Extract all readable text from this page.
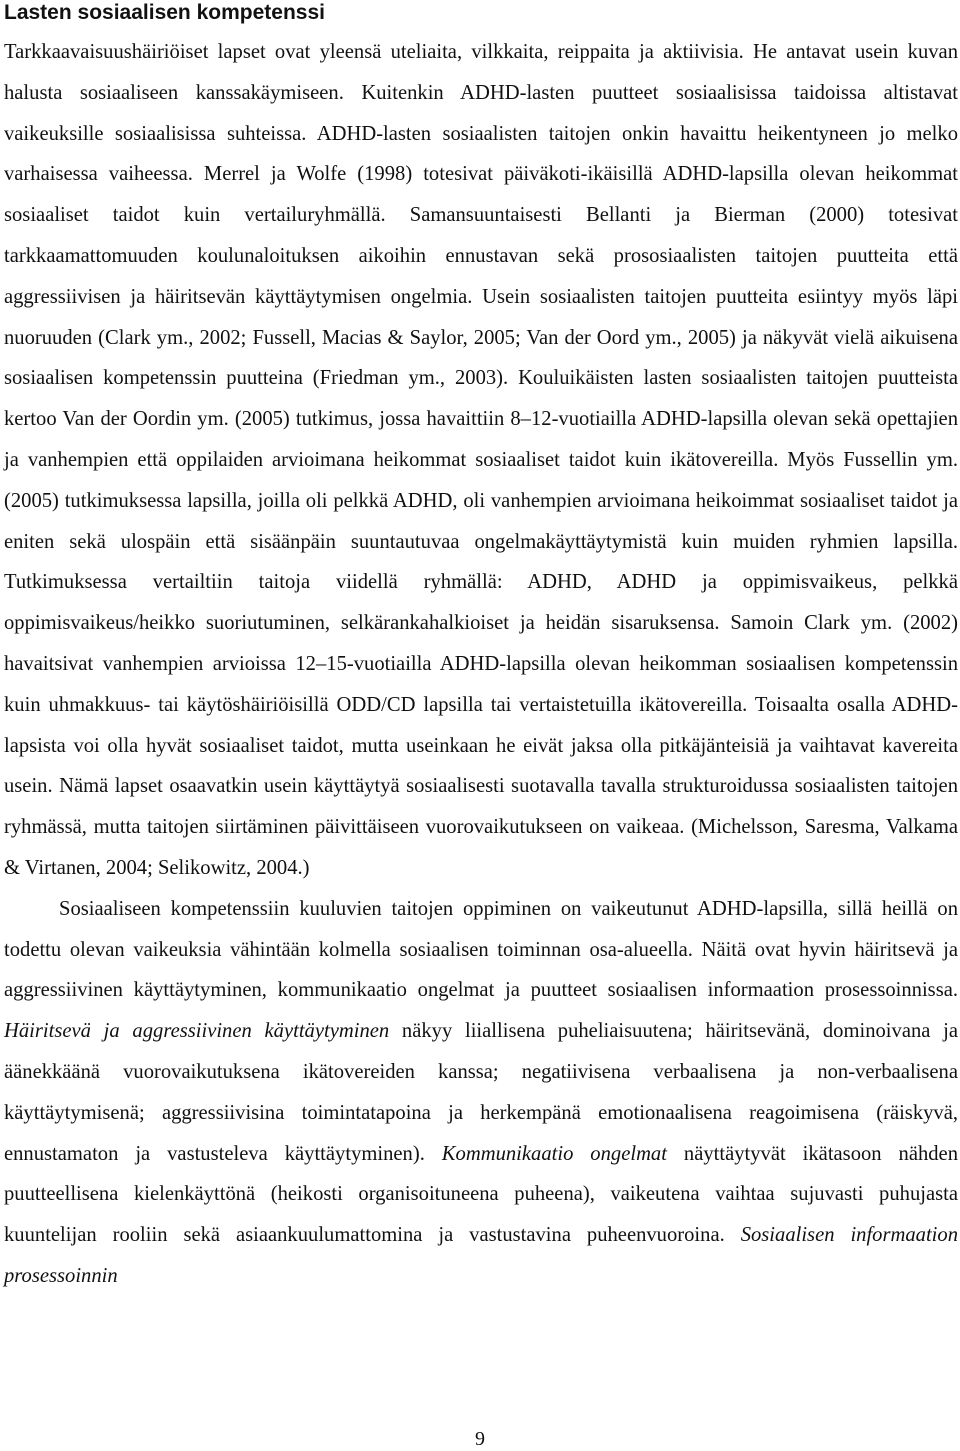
Lasten sosiaalisen kompetenssi

Tarkkaavaisuushäiriöiset lapset ovat yleensä uteliaita, vilkkaita, reippaita ja aktiivisia. He antavat usein kuvan halusta sosiaaliseen kanssakäymiseen. Kuitenkin ADHD-lasten puutteet sosiaalisissa taidoissa altistavat vaikeuksille sosiaalisissa suhteissa. ADHD-lasten sosiaalisten taitojen onkin havaittu heikentyneen jo melko varhaisessa vaiheessa. Merrel ja Wolfe (1998) totesivat päiväkoti-ikäisillä ADHD-lapsilla olevan heikommat sosiaaliset taidot kuin vertailuryhmällä. Samansuuntaisesti Bellanti ja Bierman (2000) totesivat tarkkaamattomuuden koulunaloituksen aikoihin ennustavan sekä prososiaalisten taitojen puutteita että aggressiivisen ja häiritsevän käyttäytymisen ongelmia. Usein sosiaalisten taitojen puutteita esiintyy myös läpi nuoruuden (Clark ym., 2002; Fussell, Macias & Saylor, 2005; Van der Oord ym., 2005) ja näkyvät vielä aikuisena sosiaalisen kompetenssin puutteina (Friedman ym., 2003). Kouluikäisten lasten sosiaalisten taitojen puutteista kertoo Van der Oordin ym. (2005) tutkimus, jossa havaittiin 8–12-vuotiailla ADHD-lapsilla olevan sekä opettajien ja vanhempien että oppilaiden arvioimana heikommat sosiaaliset taidot kuin ikätovereilla. Myös Fussellin ym. (2005) tutkimuksessa lapsilla, joilla oli pelkkä ADHD, oli vanhempien arvioimana heikoimmat sosiaaliset taidot ja eniten sekä ulospäin että sisäänpäin suuntautuvaa ongelmakäyttäytymistä kuin muiden ryhmien lapsilla. Tutkimuksessa vertailtiin taitoja viidellä ryhmällä: ADHD, ADHD ja oppimisvaikeus, pelkkä oppimisvaikeus/heikko suoriutuminen, selkärankahalkioiset ja heidän sisaruksensa. Samoin Clark ym. (2002) havaitsivat vanhempien arvioissa 12–15-vuotiailla ADHD-lapsilla olevan heikomman sosiaalisen kompetenssin kuin uhmakkuus- tai käytöshäiriöisillä ODD/CD lapsilla tai vertaistetuilla ikätovereilla. Toisaalta osalla ADHD-lapsista voi olla hyvät sosiaaliset taidot, mutta useinkaan he eivät jaksa olla pitkäjänteisiä ja vaihtavat kavereita usein. Nämä lapset osaavatkin usein käyttäytyä sosiaalisesti suotavalla tavalla strukturoidussa sosiaalisten taitojen ryhmässä, mutta taitojen siirtäminen päivittäiseen vuorovaikutukseen on vaikeaa. (Michelsson, Saresma, Valkama & Virtanen, 2004; Selikowitz, 2004.)

Sosiaaliseen kompetenssiin kuuluvien taitojen oppiminen on vaikeutunut ADHD-lapsilla, sillä heillä on todettu olevan vaikeuksia vähintään kolmella sosiaalisen toiminnan osa-alueella. Näitä ovat hyvin häiritsevä ja aggressiivinen käyttäytyminen, kommunikaatio ongelmat ja puutteet sosiaalisen informaation prosessoinnissa. Häiritsevä ja aggressiivinen käyttäytyminen näkyy liiallisena puheliaisuutena; häiritsevänä, dominoivana ja äänekkäänä vuorovaikutuksena ikätovereiden kanssa; negatiivisena verbaalisena ja non-verbaalisena käyttäytymisenä; aggressiivisina toimintatapoina ja herkempänä emotionaalisena reagoimisena (räiskyvä, ennustamaton ja vastusteleva käyttäytyminen). Kommunikaatio ongelmat näyttäytyvät ikätasoon nähden puutteellisena kielenkäyttönä (heikosti organisoituneena puheena), vaikeutena vaihtaa sujuvasti puhujasta kuuntelijan rooliin sekä asiaankuulumattomina ja vastustavina puheenvuoroina. Sosiaalisen informaation prosessoinnin

9
